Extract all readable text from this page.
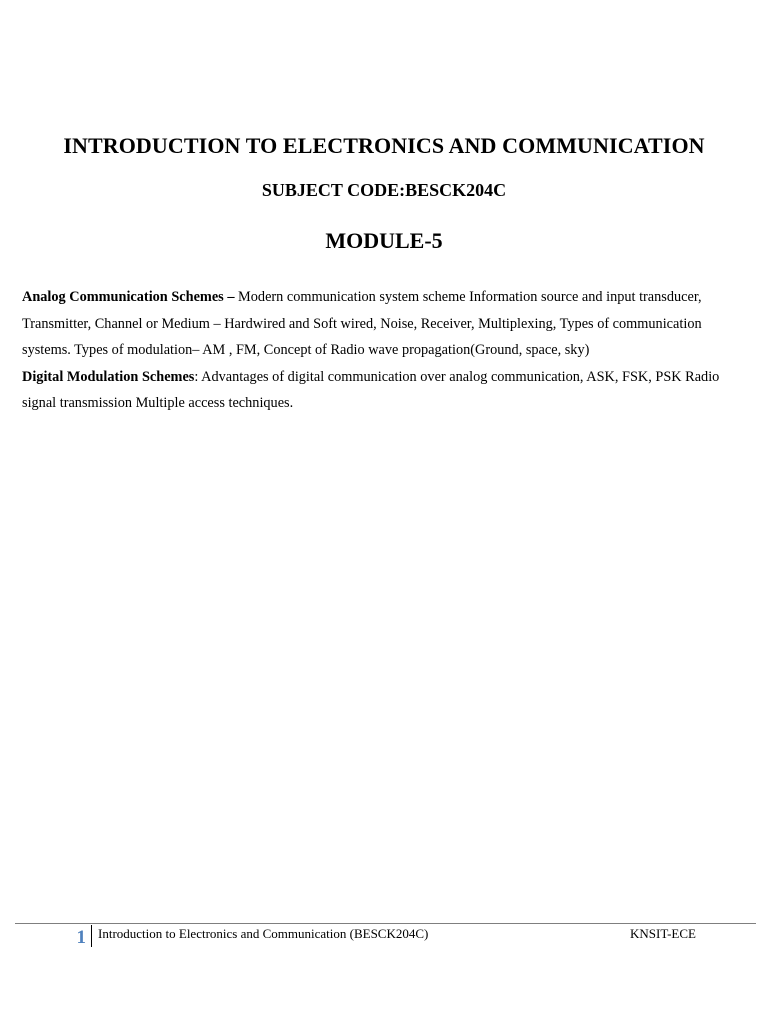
INTRODUCTION TO ELECTRONICS AND COMMUNICATION
SUBJECT CODE:BESCK204C
MODULE-5

Analog Communication Schemes – Modern communication system scheme Information source and input transducer, Transmitter, Channel or Medium – Hardwired and Soft wired, Noise, Receiver, Multiplexing, Types of communication systems. Types of modulation– AM , FM, Concept of Radio wave propagation(Ground, space, sky)

Digital Modulation Schemes: Advantages of digital communication over analog communication, ASK, FSK, PSK Radio signal transmission Multiple access techniques.

1 Introduction to Electronics and Communication (BESCK204C)	KNSIT-ECE
